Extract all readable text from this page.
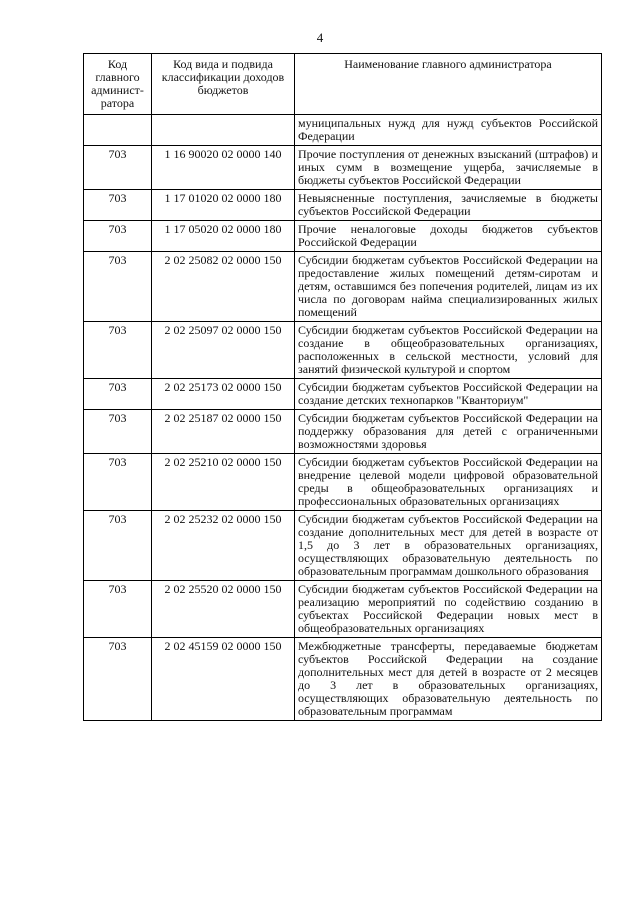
4
Код главного админист-ратора	Код вида и подвида классификации доходов бюджетов	Наименование главного администратора
		муниципальных нужд для нужд субъектов Российской Федерации
703	1 16 90020 02 0000 140	Прочие поступления от денежных взысканий (штрафов) и иных сумм в возмещение ущерба, зачисляемые в бюджеты субъектов Российской Федерации
703	1 17 01020 02 0000 180	Невыясненные поступления, зачисляемые в бюджеты субъектов Российской Федерации
703	1 17 05020 02 0000 180	Прочие неналоговые доходы бюджетов субъектов Российской Федерации
703	2 02 25082 02 0000 150	Субсидии бюджетам субъектов Российской Федерации на предоставление жилых помещений детям-сиротам и детям, оставшимся без попечения родителей, лицам из их числа по договорам найма специализированных жилых помещений
703	2 02 25097 02 0000 150	Субсидии бюджетам субъектов Российской Федерации на создание в общеобразовательных организациях, расположенных в сельской местности, условий для занятий физической культурой и спортом
703	2 02 25173 02 0000 150	Субсидии бюджетам субъектов Российской Федерации на создание детских технопарков "Кванториум"
703	2 02 25187 02 0000 150	Субсидии бюджетам субъектов Российской Федерации на поддержку образования для детей с ограниченными возможностями здоровья
703	2 02 25210 02 0000 150	Субсидии бюджетам субъектов Российской Федерации на внедрение целевой модели цифровой образовательной среды в общеобразовательных организациях и профессиональных образовательных организациях
703	2 02 25232 02 0000 150	Субсидии бюджетам субъектов Российской Федерации на создание дополнительных мест для детей в возрасте от 1,5 до 3 лет в образовательных организациях, осуществляющих образовательную деятельность по образовательным программам дошкольного образования
703	2 02 25520 02 0000 150	Субсидии бюджетам субъектов Российской Федерации на реализацию мероприятий по содействию созданию в субъектах Российской Федерации новых мест в общеобразовательных организациях
703	2 02 45159 02 0000 150	Межбюджетные трансферты, передаваемые бюджетам субъектов Российской Федерации на создание дополнительных мест для детей в возрасте от 2 месяцев до 3 лет в образовательных организациях, осуществляющих образовательную деятельность по образовательным программам
